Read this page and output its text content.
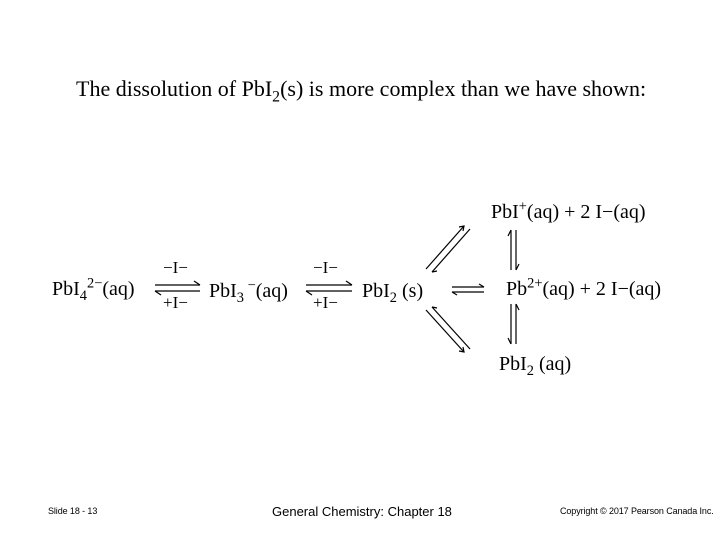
The dissolution of PbI$_2$(s) is more complex than we have shown:
PbI$_4^{2-}$(aq)
−I−
+I−
PbI$_3$ −(aq)
−I−
+I−
PbI$_2$ (s)
PbI+(aq) + 2 I−(aq)
$Pb^{2+}(aq) + 2$ I−(aq)
PbI$_2$ (aq)
Slide 18 - 13	General Chemistry: Chapter 18	Copyright © 2017 Pearson Canada Inc.
